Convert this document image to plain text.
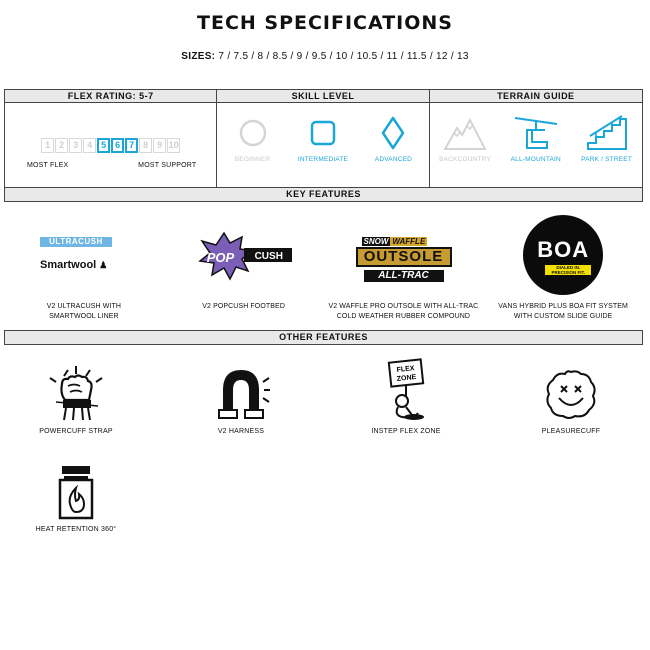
TECH SPECIFICATIONS
SIZES: 7 / 7.5 / 8 / 8.5 / 9 / 9.5 / 10 / 10.5 / 11 / 11.5 / 12 / 13
FLEX RATING: 5-7
1 2 3 4 5 6 7 8 9 10
MOST FLEX	MOST SUPPORT
SKILL LEVEL
BEGINNER	INTERMEDIATE	ADVANCED
TERRAIN GUIDE
BACKCOUNTRY	ALL-MOUNTAIN	PARK / STREET
KEY FEATURES
ULTRACUSH
Smartwool ♟
V2 ULTRACUSH WITH
SMARTWOOL LINER
POP	CUSH
V2 POPCUSH FOOTBED
SNOW WAFFLE
OUTSOLE
ALL-TRAC
V2 WAFFLE PRO OUTSOLE WITH ALL-TRAC
COLD WEATHER RUBBER COMPOUND
BOA
DIALED IN.
PRECISION FIT.
VANS HYBRID PLUS BOA FIT SYSTEM
WITH CUSTOM SLIDE GUIDE
OTHER FEATURES
POWERCUFF STRAP	V2 HARNESS
FLEX
ZONE
INSTEP FLEX ZONE	PLEASURECUFF
HEAT RETENTION 360°
